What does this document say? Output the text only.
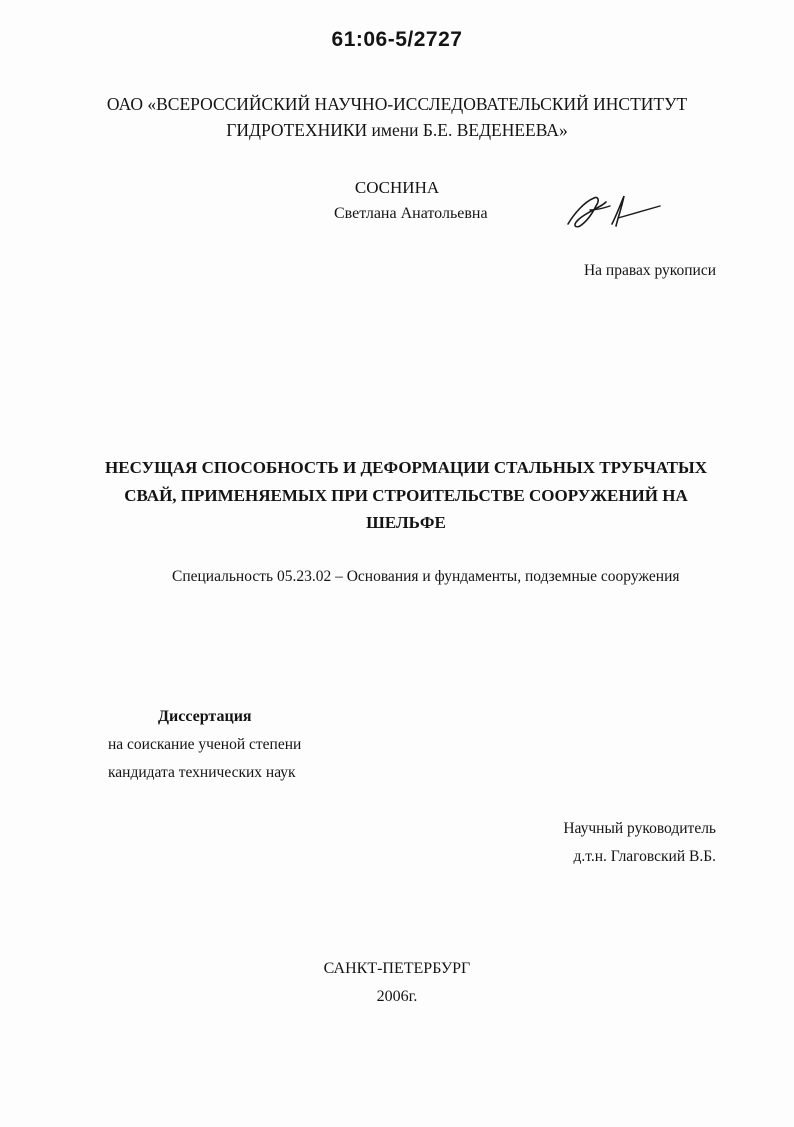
61:06-5/2727
ОАО «ВСЕРОССИЙСКИЙ НАУЧНО-ИССЛЕДОВАТЕЛЬСКИЙ ИНСТИТУТ
ГИДРОТЕХНИКИ имени Б.Е. ВЕДЕНЕЕВА»
СОСНИНА
Светлана Анатольевна
На правах рукописи
НЕСУЩАЯ СПОСОБНОСТЬ И ДЕФОРМАЦИИ СТАЛЬНЫХ ТРУБЧАТЫХ
СВАЙ, ПРИМЕНЯЕМЫХ ПРИ СТРОИТЕЛЬСТВЕ СООРУЖЕНИЙ НА
ШЕЛЬФЕ
Специальность 05.23.02 – Основания и фундаменты, подземные сооружения
Диссертация
на соискание ученой степени
кандидата технических наук
Научный руководитель
д.т.н. Глаговский В.Б.
САНКТ-ПЕТЕРБУРГ
2006г.
